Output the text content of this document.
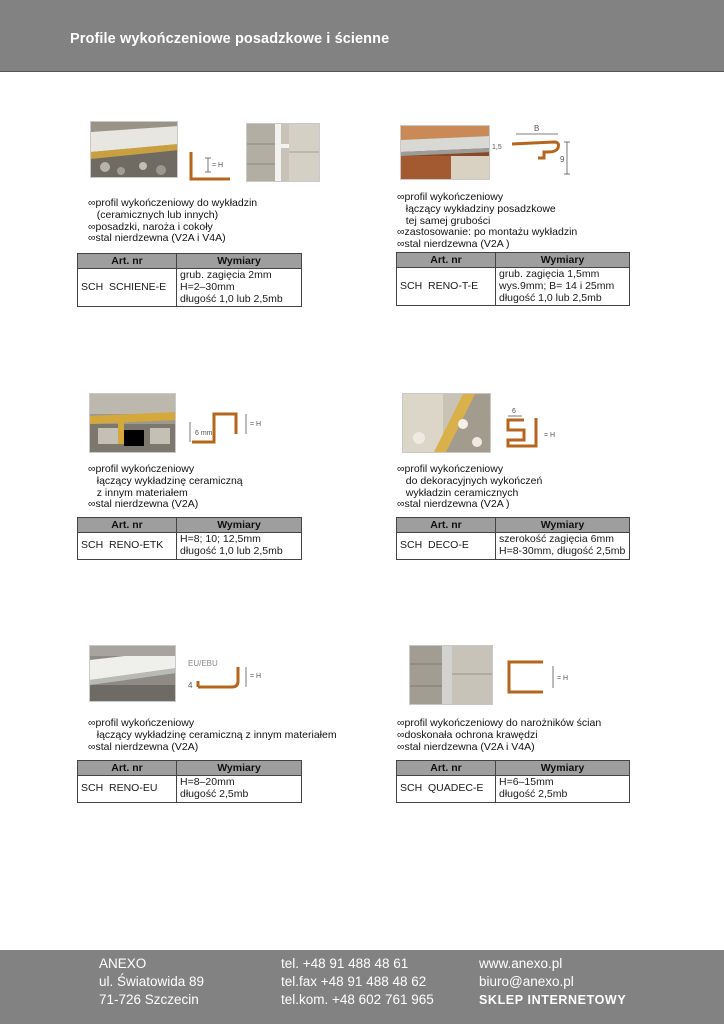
Profile wykończeniowe posadzkowe i ścienne
= H
∞profil wykończeniowy do wykładzin
(ceramicznych lub innych)
∞posadzki, naroża i cokoły
∞stal nierdzewna (V2A i V4A)
Art. nr	Wymiary
SCH  SCHIENE-E	grub. zagięcia 2mm
H=2–30mm
długość 1,0 lub 2,5mb
B
1,5
9
∞profil wykończeniowy
łączący wykładziny posadzkowe
tej samej grubości
∞zastosowanie: po montażu wykładzin
∞stal nierdzewna (V2A )
Art. nr	Wymiary
SCH  RENO-T-E	grub. zagięcia 1,5mm
wys.9mm; B= 14 i 25mm
długość 1,0 lub 2,5mb
6 mm
= H
∞profil wykończeniowy
łączący wykładzinę ceramiczną
z innym materiałem
∞stal nierdzewna (V2A)
Art. nr	Wymiary
SCH  RENO-ETK	H=8; 10; 12,5mm
długość 1,0 lub 2,5mb
6
= H
∞profil wykończeniowy
do dekoracyjnych wykończeń
wykładzin ceramicznych
∞stal nierdzewna (V2A )
Art. nr	Wymiary
SCH  DECO-E	szerokość zagięcia 6mm
H=8-30mm, długość 2,5mb
EU/EBU
4
= H
∞profil wykończeniowy
łączący wykładzinę ceramiczną z innym materiałem
∞stal nierdzewna (V2A)
Art. nr	Wymiary
SCH  RENO-EU	H=8–20mm
długość 2,5mb
= H
∞profil wykończeniowy do narożników ścian
∞doskonała ochrona krawędzi
∞stal nierdzewna (V2A i V4A)
Art. nr	Wymiary
SCH  QUADEC-E	H=6–15mm
długość 2,5mb
ANEXO
ul. Światowida 89
71-726 Szczecin
tel. +48 91 488 48 61
tel.fax +48 91 488 48 62
tel.kom. +48 602 761 965
www.anexo.pl
biuro@anexo.pl
SKLEP INTERNETOWY
